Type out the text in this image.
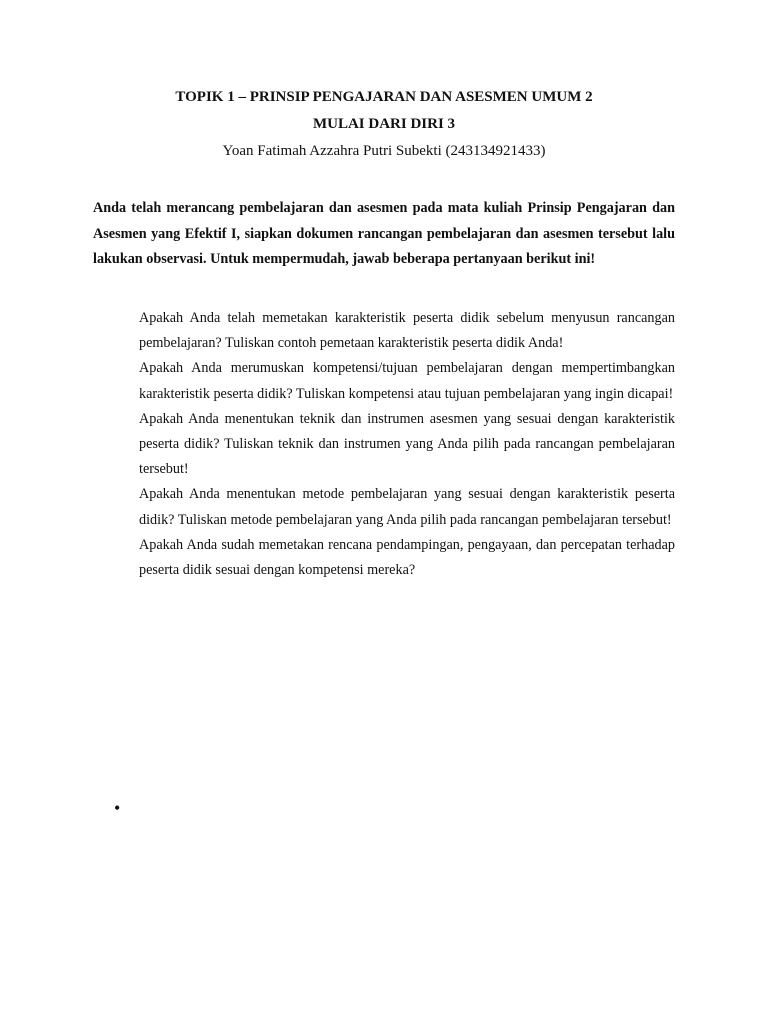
TOPIK 1 – PRINSIP PENGAJARAN DAN ASESMEN UMUM 2
MULAI DARI DIRI 3
Yoan Fatimah Azzahra Putri Subekti (243134921433)

Anda telah merancang pembelajaran dan asesmen pada mata kuliah Prinsip Pengajaran dan Asesmen yang Efektif I, siapkan dokumen rancangan pembelajaran dan asesmen tersebut lalu lakukan observasi. Untuk mempermudah, jawab beberapa pertanyaan berikut ini!

Apakah Anda telah memetakan karakteristik peserta didik sebelum menyusun rancangan pembelajaran? Tuliskan contoh pemetaan karakteristik peserta didik Anda!
Apakah Anda merumuskan kompetensi/tujuan pembelajaran dengan mempertimbangkan karakteristik peserta didik? Tuliskan kompetensi atau tujuan pembelajaran yang ingin dicapai!
Apakah Anda menentukan teknik dan instrumen asesmen yang sesuai dengan karakteristik peserta didik? Tuliskan teknik dan instrumen yang Anda pilih pada rancangan pembelajaran tersebut!
Apakah Anda menentukan metode pembelajaran yang sesuai dengan karakteristik peserta didik? Tuliskan metode pembelajaran yang Anda pilih pada rancangan pembelajaran tersebut!
Apakah Anda sudah memetakan rencana pendampingan, pengayaan, dan percepatan terhadap peserta didik sesuai dengan kompetensi mereka?
•
